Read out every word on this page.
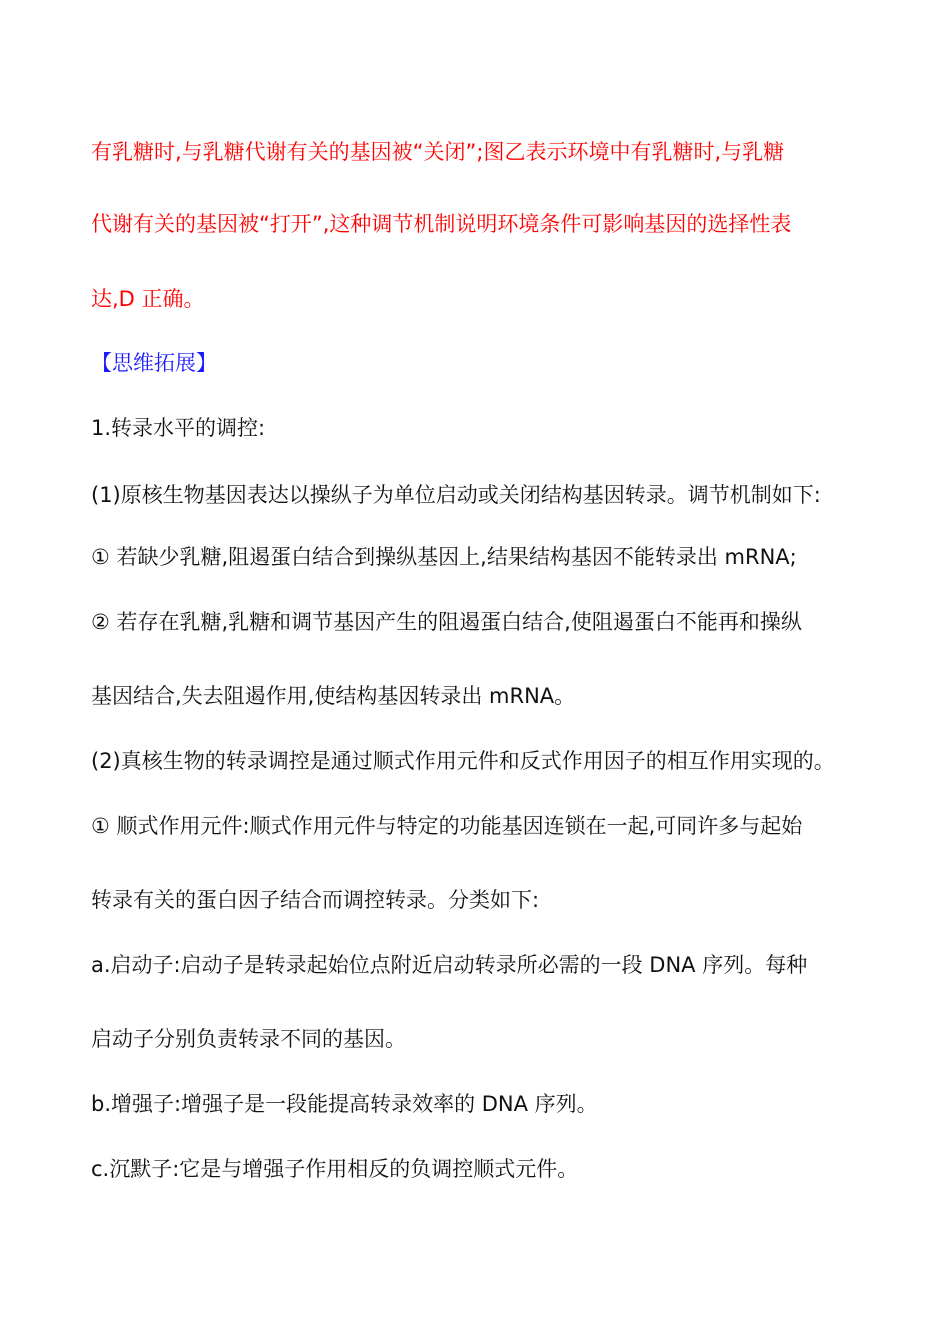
有乳糖时,与乳糖代谢有关的基因被“关闭”;图乙表示环境中有乳糖时,与乳糖
代谢有关的基因被“打开”,这种调节机制说明环境条件可影响基因的选择性表
达,D 正确。
【思维拓展】
1.转录水平的调控:
(1)原核生物基因表达以操纵子为单位启动或关闭结构基因转录。调节机制如下:
① 若缺少乳糖,阻遏蛋白结合到操纵基因上,结果结构基因不能转录出 mRNA;
② 若存在乳糖,乳糖和调节基因产生的阻遏蛋白结合,使阻遏蛋白不能再和操纵
基因结合,失去阻遏作用,使结构基因转录出 mRNA。
(2)真核生物的转录调控是通过顺式作用元件和反式作用因子的相互作用实现的。
① 顺式作用元件:顺式作用元件与特定的功能基因连锁在一起,可同许多与起始
转录有关的蛋白因子结合而调控转录。分类如下:
a.启动子:启动子是转录起始位点附近启动转录所必需的一段 DNA 序列。每种
启动子分别负责转录不同的基因。
b.增强子:增强子是一段能提高转录效率的 DNA 序列。
c.沉默子:它是与增强子作用相反的负调控顺式元件。
